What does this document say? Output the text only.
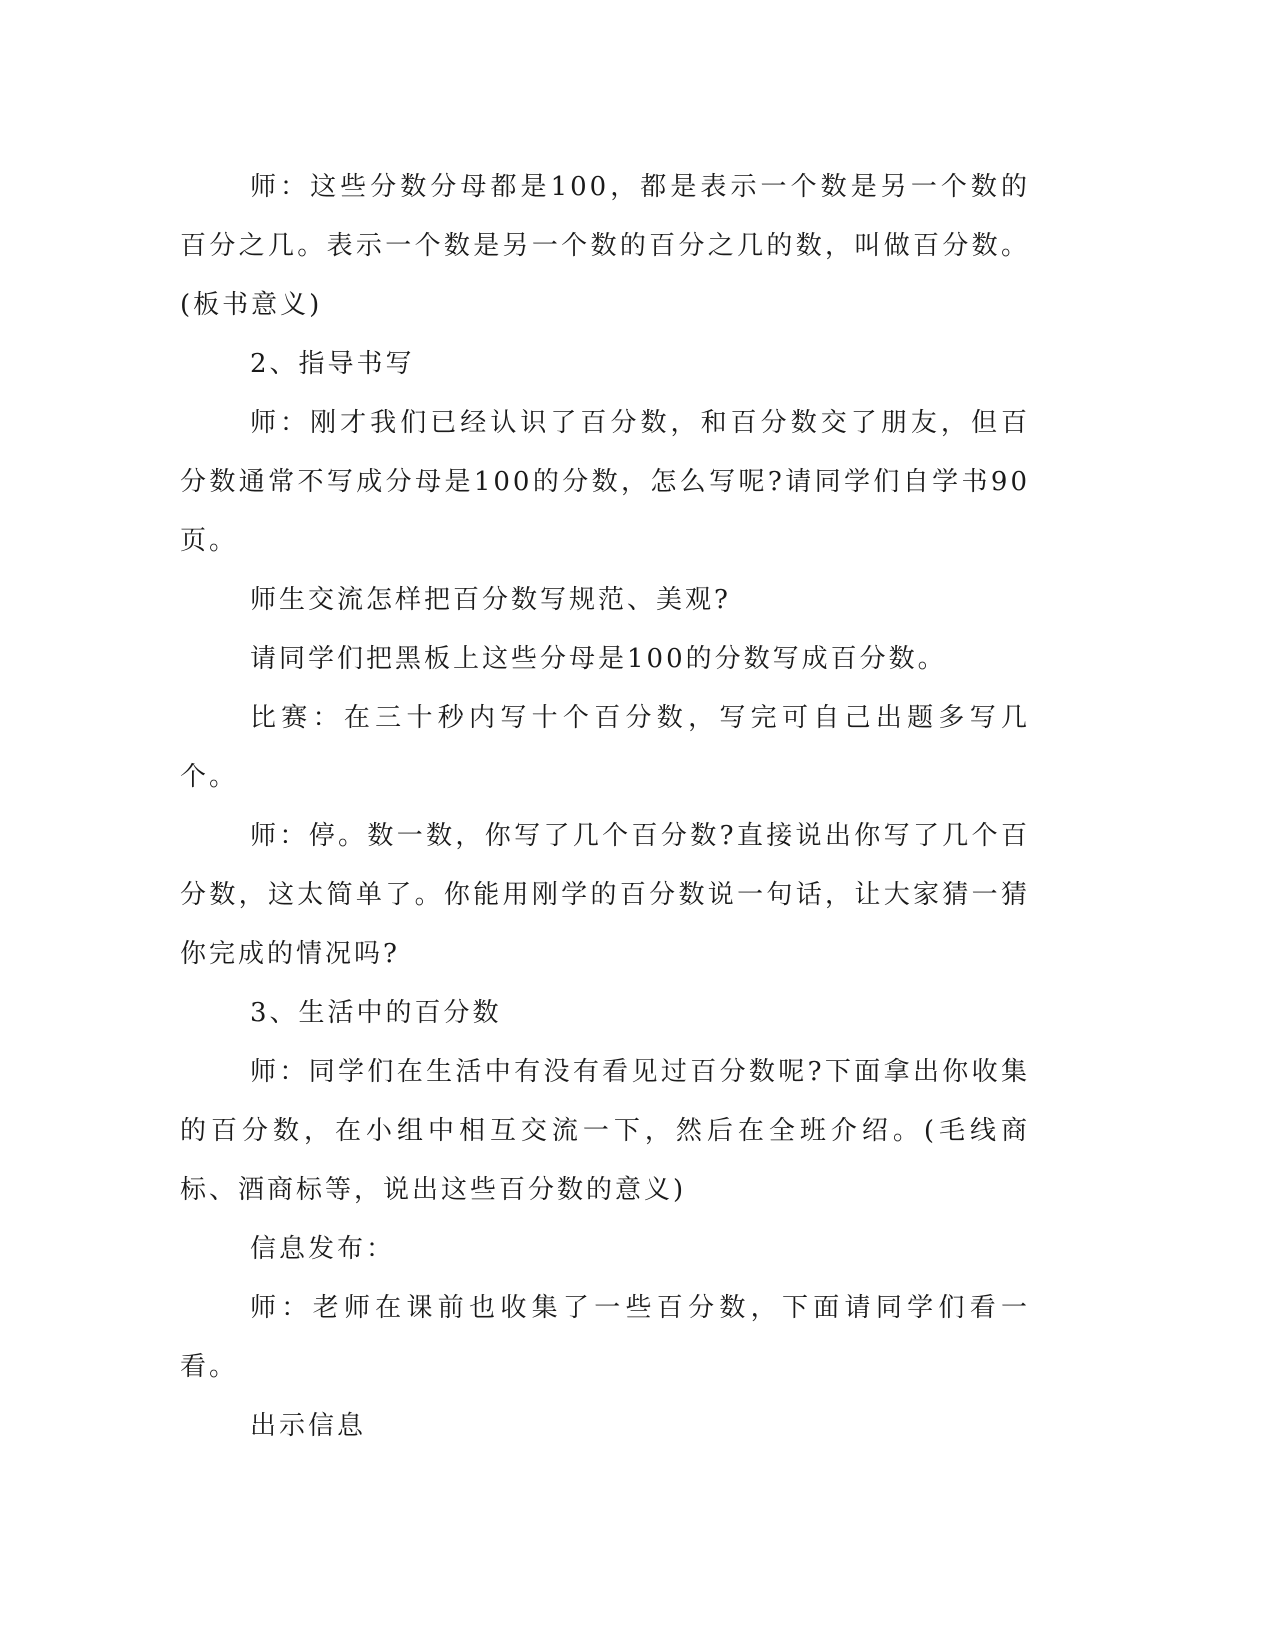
师：这些分数分母都是100，都是表示一个数是另一个数的百分之几。表示一个数是另一个数的百分之几的数，叫做百分数。(板书意义)

2、指导书写

师：刚才我们已经认识了百分数，和百分数交了朋友，但百分数通常不写成分母是100的分数，怎么写呢?请同学们自学书90页。

师生交流怎样把百分数写规范、美观?

请同学们把黑板上这些分母是100的分数写成百分数。

比赛：在三十秒内写十个百分数，写完可自己出题多写几个。

师：停。数一数，你写了几个百分数?直接说出你写了几个百分数，这太简单了。你能用刚学的百分数说一句话，让大家猜一猜你完成的情况吗?

3、生活中的百分数

师：同学们在生活中有没有看见过百分数呢?下面拿出你收集的百分数，在小组中相互交流一下，然后在全班介绍。(毛线商标、酒商标等，说出这些百分数的意义)

信息发布：

师：老师在课前也收集了一些百分数，下面请同学们看一看。

出示信息
